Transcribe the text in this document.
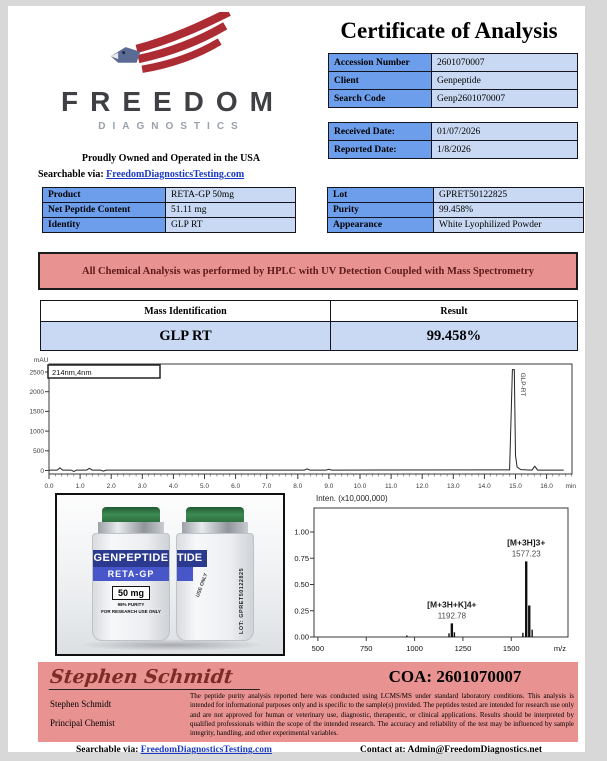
FREEDOM
DIAGNOSTICS
Proudly Owned and Operated in the USA
Searchable via: FreedomDiagnosticsTesting.com
Certificate of Analysis
Accession Number	2601070007
Client	Genpeptide
Search Code	Genp2601070007
Received Date:	01/07/2026
Reported Date:	1/8/2026
Product	RETA-GP 50mg
Net Peptide Content	51.11 mg
Identity	GLP RT
Lot	GPRET50122825
Purity	99.458%
Appearance	White Lyophilized Powder
All Chemical Analysis was performed by HPLC with UV Detection Coupled with Mass Spectrometry
Mass Identification	Result
GLP RT	99.458%
0
500
1000
1500
2000
2500
0.0	1.0	2.0	3.0	4.0	5.0	6.0	7.0	8.0	9.0	10.0	11.0	12.0	13.0	14.0	15.0	16.0 min
mAU
214nm,4nm
GLP-RT
GENPEPTIDE
RETA-GP
50 mg
98% PURITY
FOR RESEARCH USE ONLY
TIDE
USE ONLY	LOT: GPRET50122825
Inten. (x10,000,000)
0.00
0.25
0.50
0.75
1.00
500	750	1000	1250	1500	m/z
[M+3H+K]4+
1192.78
[M+3H]3+
1577.23
Stephen Schmidt
Stephen Schmidt
Principal Chemist
COA: 2601070007
The peptide purity analysis reported here was conducted using LCMS/MS under standard laboratory conditions. This analysis is intended for informational purposes only and is specific to the sample(s) provided. The peptides tested are intended for research use only and are not approved for human or veterinary use, diagnostic, therapeutic, or clinical applications. Results should be interpreted by qualified professionals within the scope of the intended research. The accuracy and reliability of the test may be influenced by sample integrity, handling, and other experimental variables.
Searchable via: FreedomDiagnosticsTesting.com	Contact at: Admin@FreedomDiagnostics.net
